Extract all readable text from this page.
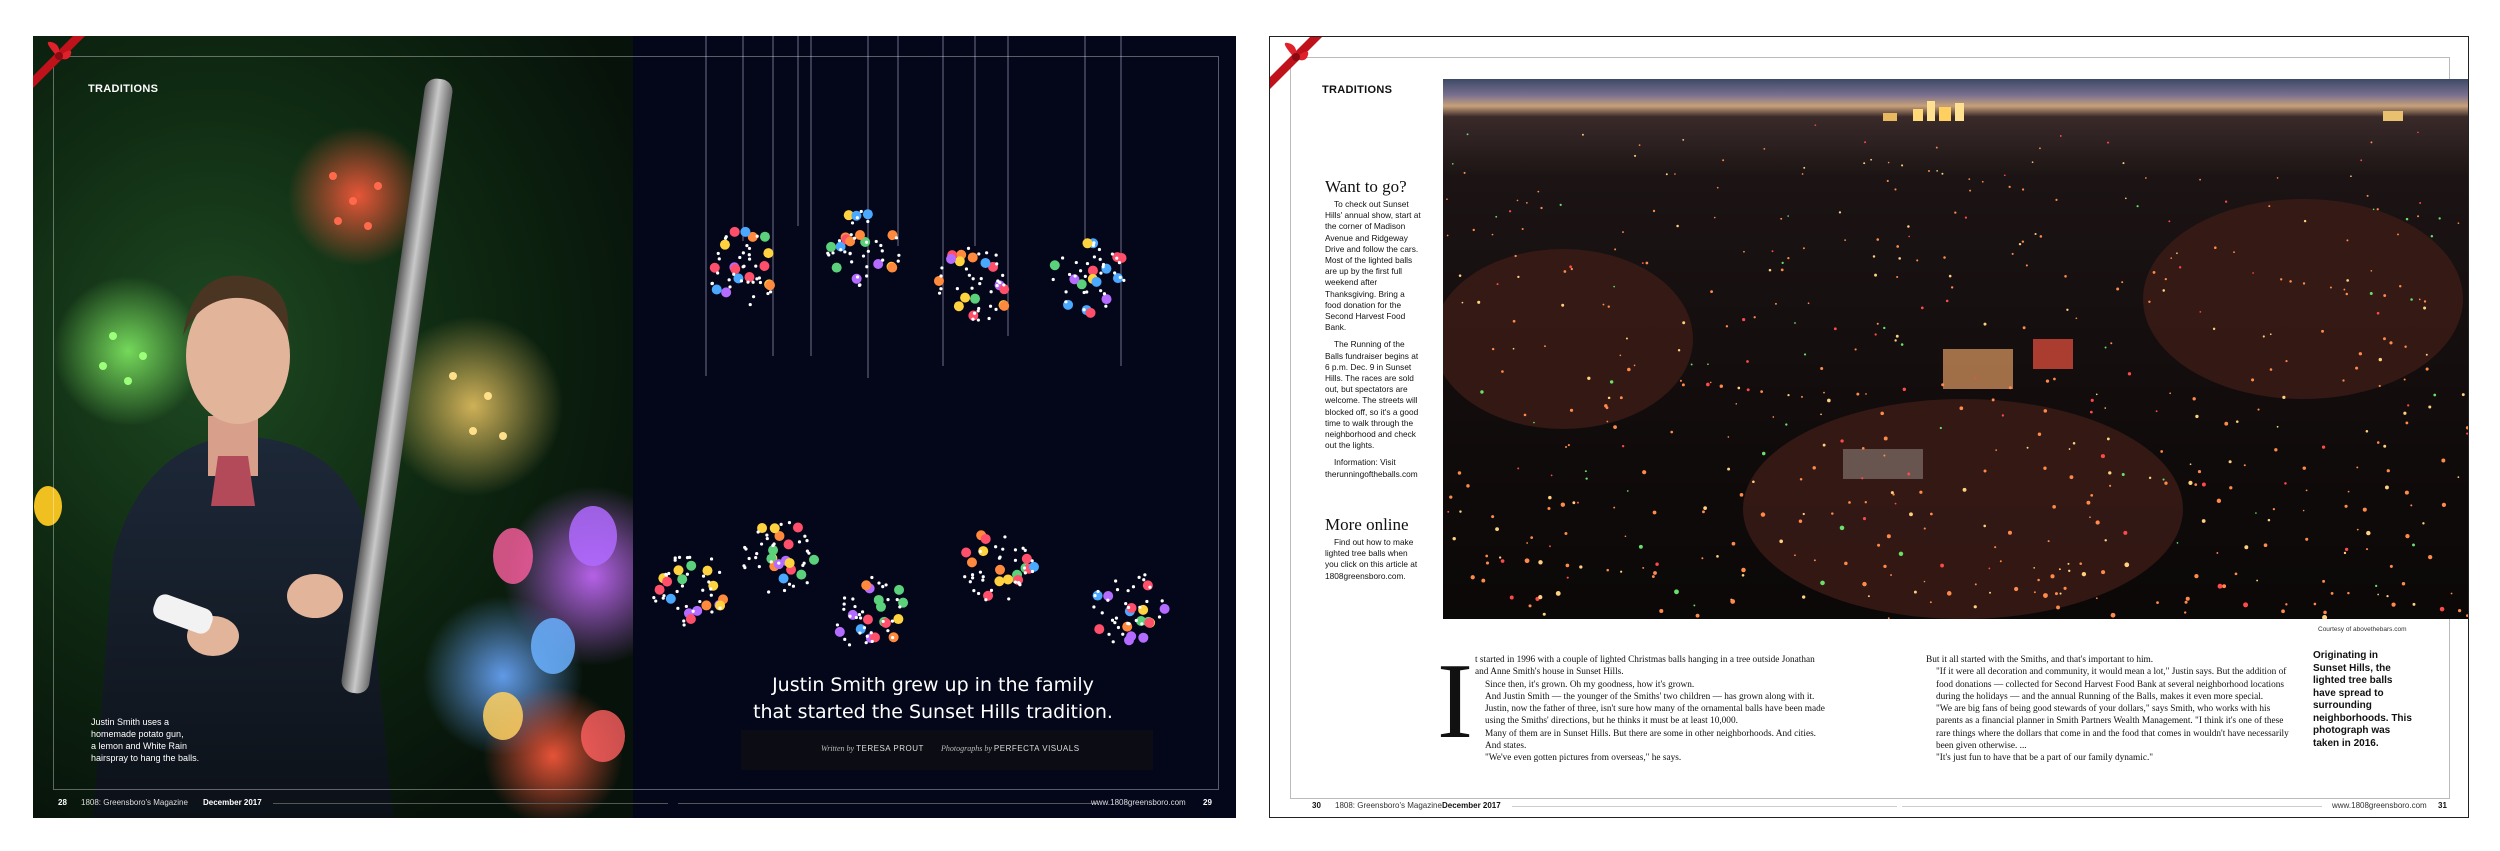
Justin Smith uses a
homemade potato gun,
a lemon and White Rain
hairspray to hang the balls.
TRADITIONS
Justin Smith grew up in the family
that started the Sunset Hills tradition.
Written by TERESA PROUT Photographs by PERFECTA VISUALS
28 1808: Greensboro's Magazine December 2017	www.1808greensboro.com 29
TRADITIONS
Courtesy of abovethebars.com
Originating in Sunset Hills, the lighted tree balls have spread to surrounding neighborhoods. This photograph was taken in 2016.
Want to go?

To check out Sunset Hills' annual show, start at the corner of Madison Avenue and Ridgeway Drive and follow the cars. Most of the lighted balls are up by the first full weekend after Thanksgiving. Bring a food donation for the Second Harvest Food Bank.

The Running of the Balls fundraiser begins at 6 p.m. Dec. 9 in Sunset Hills. The races are sold out, but spectators are welcome. The streets will blocked off, so it's a good time to walk through the neighborhood and check out the lights.

Information: Visit therunningoftheballs.com

More online

Find out how to make lighted tree balls when you click on this article at 1808greensboro.com.

I t started in 1996 with a couple of lighted Christmas balls hanging in a tree outside Jonathan

and Anne Smith's house in Sunset Hills.

Since then, it's grown. Oh my goodness, how it's grown.

And Justin Smith — the younger of the Smiths' two children — has grown along with it.

Justin, now the father of three, isn't sure how many of the ornamental balls have been made

using the Smiths' directions, but he thinks it must be at least 10,000.

Many of them are in Sunset Hills. But there are some in other neighborhoods. And cities.

And states.

"We've even gotten pictures from overseas," he says.

But it all started with the Smiths, and that's important to him.

"If it were all decoration and community, it would mean a lot," Justin says. But the addition of

food donations — collected for Second Harvest Food Bank at several neighborhood locations

during the holidays — and the annual Running of the Balls, makes it even more special.

"We are big fans of being good stewards of your dollars," says Smith, who works with his

parents as a financial planner in Smith Partners Wealth Management. "I think it's one of these

rare things where the dollars that come in and the food that comes in wouldn't have necessarily

been given otherwise. ...

"It's just fun to have that be a part of our family dynamic."

30 1808: Greensboro's Magazine December 2017	www.1808greensboro.com 31
